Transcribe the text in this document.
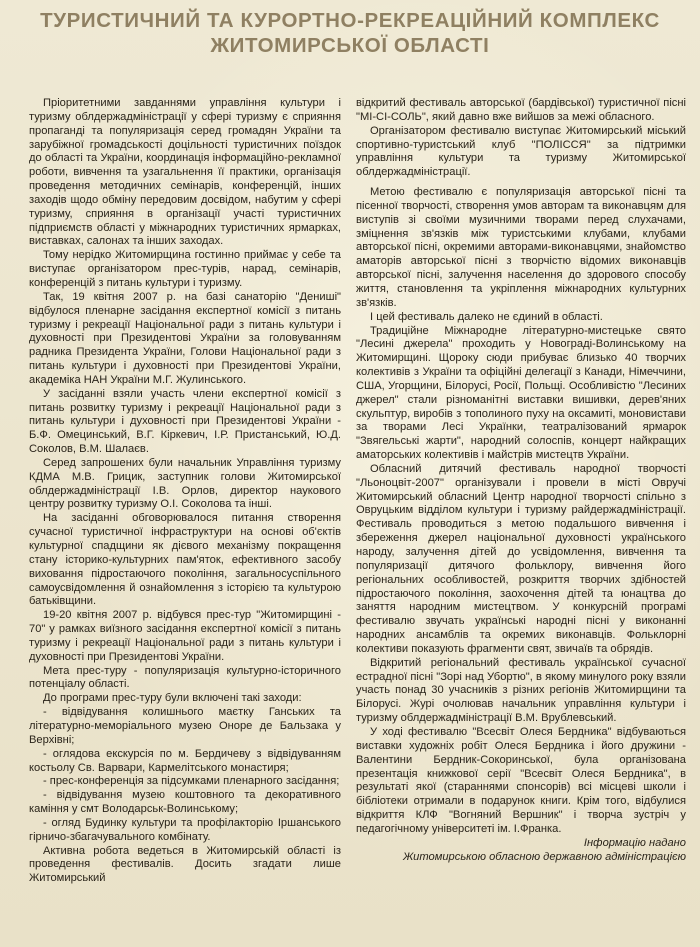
ТУРИСТИЧНИЙ ТА КУРОРТНО-РЕКРЕАЦІЙНИЙ КОМПЛЕКС
ЖИТОМИРСЬКОЇ ОБЛАСТІ

Пріоритетними завданнями управління культури і туризму облдержадміністрації у сфері туризму є сприяння пропаганді та популяризація серед громадян України та зарубіжної громадськості доцільності туристичних поїздок до області та України, координація інформаційно-рекламної роботи, вивчення та узагальнення її практики, організація проведення методичних семінарів, конференцій, інших заходів щодо обміну передовим досвідом, набутим у сфері туризму, сприяння в організації участі туристичних підприємств області у міжнародних туристичних ярмарках, виставках, салонах та інших заходах.

Тому нерідко Житомирщина гостинно приймає у себе та виступає організатором прес-турів, нарад, семінарів, конференцій з питань культури і туризму.

Так, 19 квітня 2007 р. на базі санаторію "Дениші" відбулося пленарне засідання експертної комісії з питань туризму і рекреації Національної ради з питань культури і духовності при Президентові України за головуванням радника Президента України, Голови Національної ради з питань культури і духовності при Президентові України, академіка НАН України М.Г. Жулинського.

У засіданні взяли участь члени експертної комісії з питань розвитку туризму і рекреації Національної ради з питань культури і духовності при Президентові України - Б.Ф. Омецинський, В.Г. Кіркевич, І.Р. Пристанський, Ю.Д. Соколов, В.М. Шалаєв.

Серед запрошених були начальник Управління туризму КДМА М.В. Грицик, заступник голови Житомирської облдержадміністрації І.В. Орлов, директор наукового центру розвитку туризму О.І. Соколова та інші.

На засіданні обговорювалося питання створення сучасної туристичної інфраструктури на основі об'єктів культурної спадщини як дієвого механізму покращення стану історико-культурних пам'яток, ефективного засобу виховання підростаючого покоління, загальносуспільного самоусвідомлення й ознайомлення з історією та культурою батьківщини.

19-20 квітня 2007 р. відбувся прес-тур "Житомирщині - 70" у рамках виїзного засідання експертної комісії з питань туризму і рекреації Національної ради з питань культури і духовності при Президентові України.

Мета прес-туру - популяризація культурно-історичного потенціалу області.

До програми прес-туру були включені такі заходи:

- відвідування колишнього маєтку Ганських та літературно-меморіального музею Оноре де Бальзака у Верхівні;

- оглядова екскурсія по м. Бердичеву з відвідуванням костьолу Св. Варвари, Кармелітського монастиря;

- прес-конференція за підсумками пленарного засідання;

- відвідування музею коштовного та декоративного каміння у смт Володарськ-Волинському;

- огляд Будинку культури та профілакторію Іршанського гірничо-збагачувального комбінату.

Активна робота ведеться в Житомирській області із проведення фестивалів. Досить згадати лише Житомирський

відкритий фестиваль авторської (бардівської) туристичної пісні "МІ-СІ-СОЛЬ", який давно вже вийшов за межі обласного.

Організатором фестивалю виступає Житомирський міський спортивно-туристський клуб "ПОЛІССЯ" за підтримки управління культури та туризму Житомирської облдержадміністрації.

Метою фестивалю є популяризація авторської пісні та пісенної творчості, створення умов авторам та виконавцям для виступів зі своїми музичними творами перед слухачами, зміцнення зв'язків між туристськими клубами, клубами авторської пісні, окремими авторами-виконавцями, знайомство аматорів авторської пісні з творчістю відомих виконавців авторської пісні, залучення населення до здорового способу життя, становлення та укріплення міжнародних культурних зв'язків.

І цей фестиваль далеко не єдиний в області.

Традиційне Міжнародне літературно-мистецьке свято "Лесині джерела" проходить у Новограді-Волинському на Житомирщині. Щороку сюди прибуває близько 40 творчих колективів з України та офіційні делегації з Канади, Німеччини, США, Угорщини, Білорусі, Росії, Польщі. Особливістю "Лесиних джерел" стали різноманітні виставки вишивки, дерев'яних скульптур, виробів з тополиного пуху на оксамиті, моновистави за творами Лесі Українки, театралізований ярмарок "Звягельські жарти", народний солоспів, концерт найкращих аматорських колективів і майстрів мистецтв України.

Обласний дитячий фестиваль народної творчості "Льоноцвіт-2007" організували і провели в місті Овручі Житомирський обласний Центр народної творчості спільно з Овруцьким відділом культури і туризму райдержадміністрації. Фестиваль проводиться з метою подальшого вивчення і збереження джерел національної духовності українського народу, залучення дітей до усвідомлення, вивчення та популяризації дитячого фольклору, вивчення його регіональних особливостей, розкриття творчих здібностей підростаючого покоління, заохочення дітей та юнацтва до заняття народним мистецтвом. У конкурсній програмі фестивалю звучать українські народні пісні у виконанні народних ансамблів та окремих виконавців. Фольклорні колективи показують фрагменти свят, звичаїв та обрядів.

Відкритий регіональний фестиваль української сучасної естрадної пісні "Зорі над Убортю", в якому минулого року взяли участь понад 30 учасників з різних регіонів Житомирщини та Білорусі. Журі очолював начальник управління культури і туризму облдержадміністрації В.М. Врублевський.

У ході фестивалю "Всесвіт Олеся Бердника" відбуваються виставки художніх робіт Олеся Бердника і його дружини - Валентини Бердник-Сокоринської, була організована презентація книжкової серії "Всесвіт Олеся Бердника", в результаті якої (стараннями спонсорів) всі місцеві школи і бібліотеки отримали в подарунок книги. Крім того, відбулися відкриття КЛФ "Вогняний Вершник" і творча зустріч у педагогічному університеті ім. І.Франка.

Інформацію надано

Житомирською обласною державною адміністрацією
